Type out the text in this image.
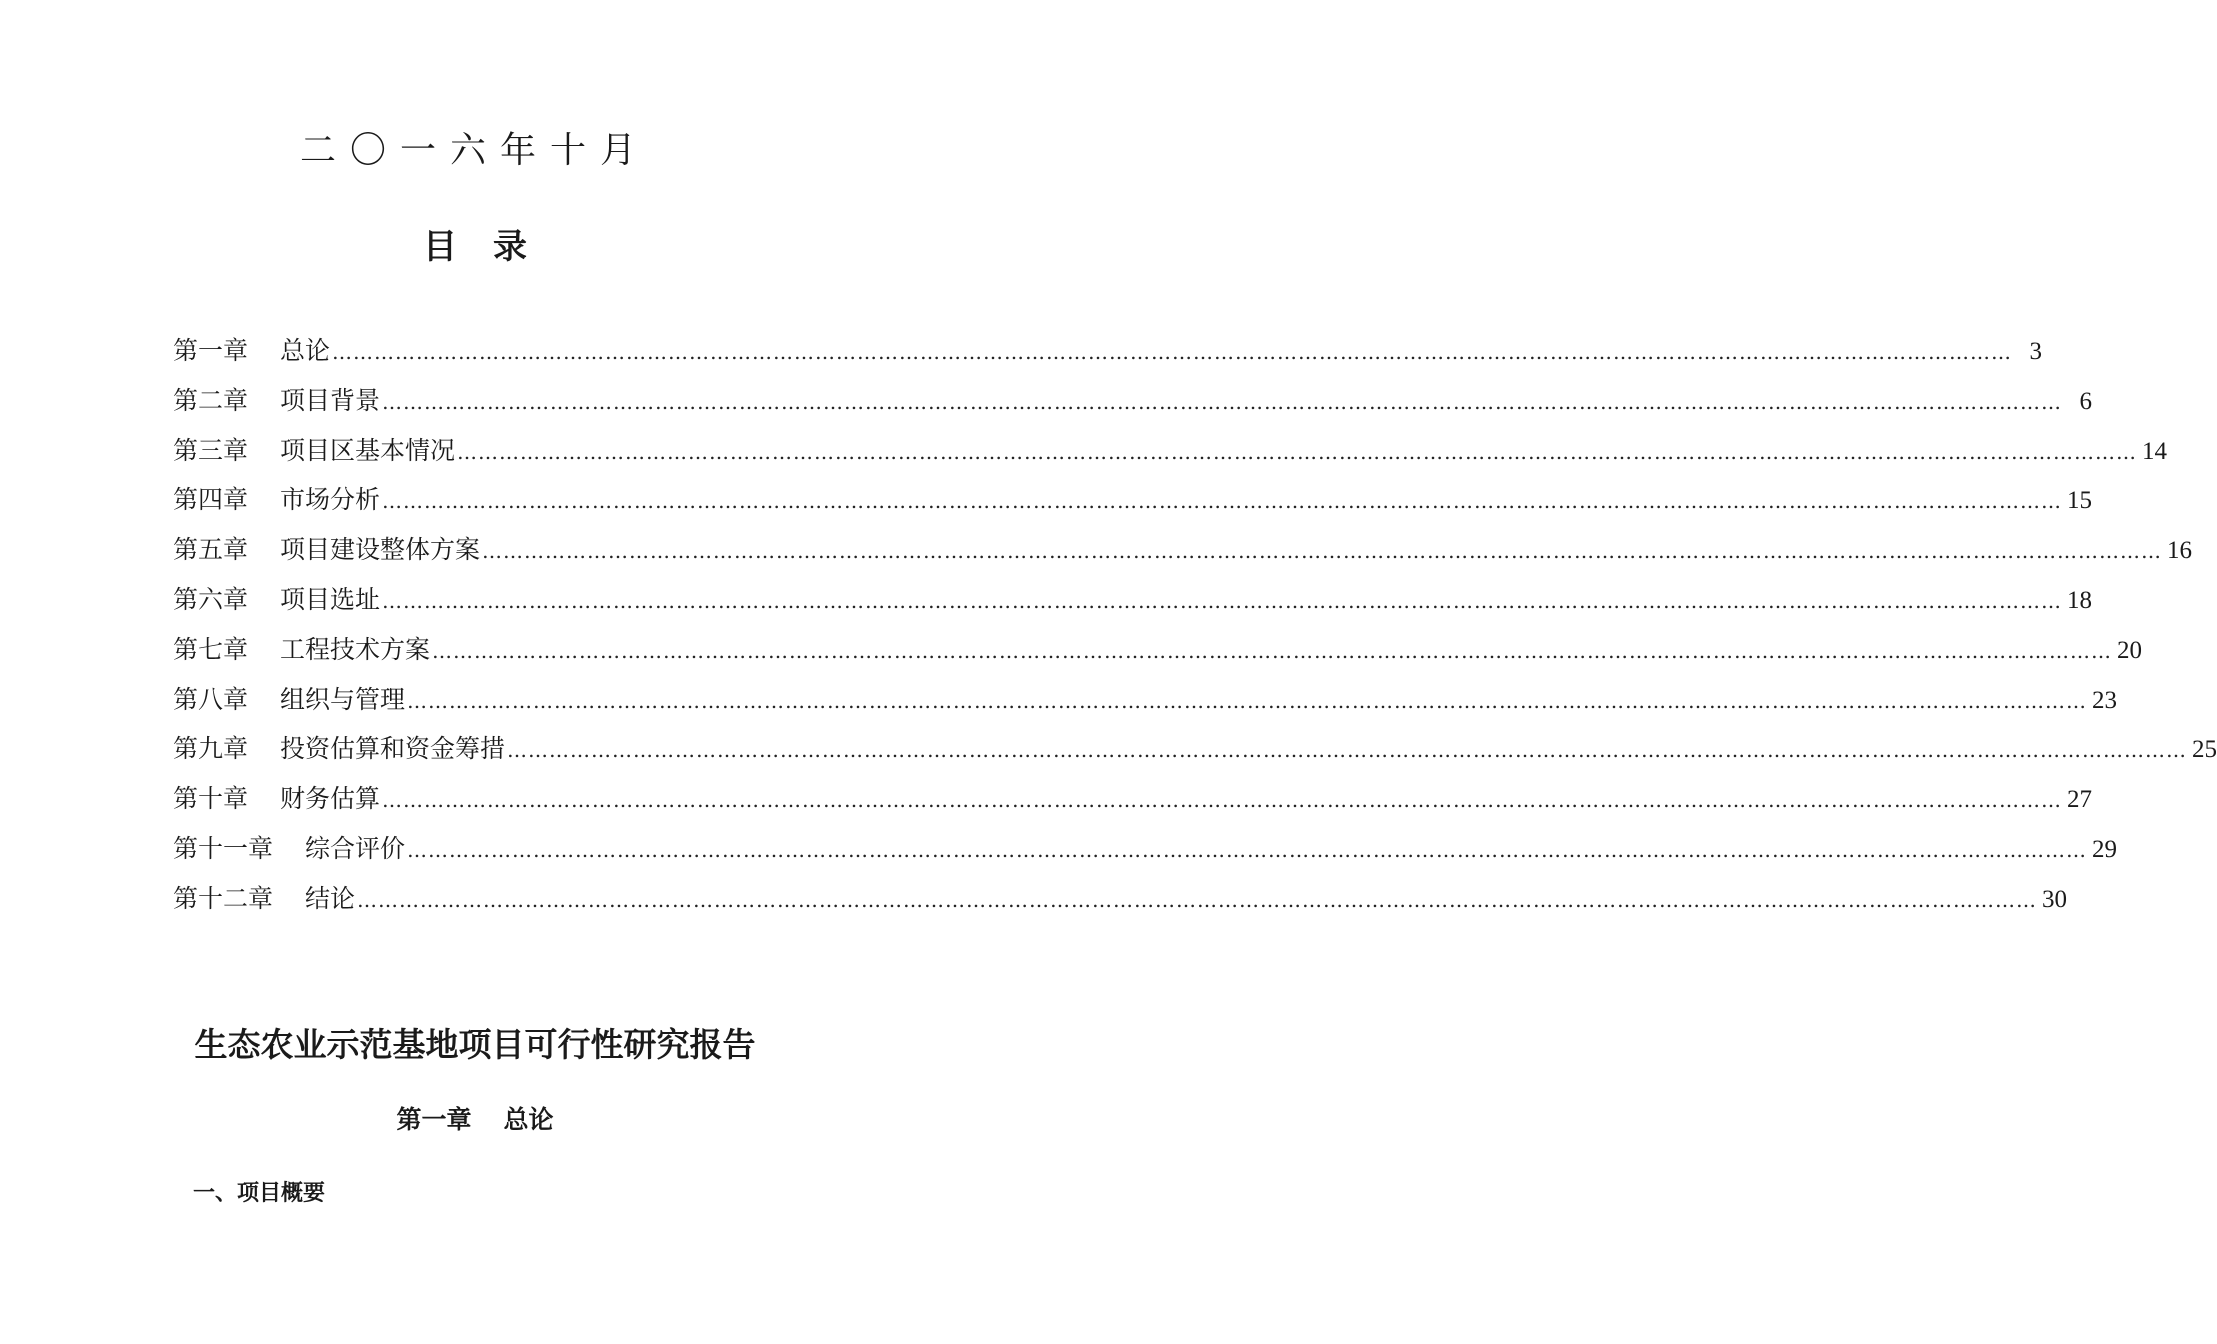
二〇一六年十月
目 录
第一章 总论 …………………………………………………………………………………………………………………………………………………………………………………………………………………… 3
第二章 项目背景 …………………………………………………………………………………………………………………………………………………………………………………………………………………… 6
第三章 项目区基本情况 …………………………………………………………………………………………………………………………………………………………………………………………………………………… 14
第四章 市场分析 …………………………………………………………………………………………………………………………………………………………………………………………………………………… 15
第五章 项目建设整体方案 …………………………………………………………………………………………………………………………………………………………………………………………………………………… 16
第六章 项目选址 …………………………………………………………………………………………………………………………………………………………………………………………………………………… 18
第七章 工程技术方案 …………………………………………………………………………………………………………………………………………………………………………………………………………………… 20
第八章 组织与管理 …………………………………………………………………………………………………………………………………………………………………………………………………………………… 23
第九章 投资估算和资金筹措 …………………………………………………………………………………………………………………………………………………………………………………………………………………… 25
第十章 财务估算 …………………………………………………………………………………………………………………………………………………………………………………………………………………… 27
第十一章 综合评价 …………………………………………………………………………………………………………………………………………………………………………………………………………………… 29
第十二章 结论 …………………………………………………………………………………………………………………………………………………………………………………………………………………… 30
生态农业示范基地项目可行性研究报告
第一章 总论
一、项目概要
